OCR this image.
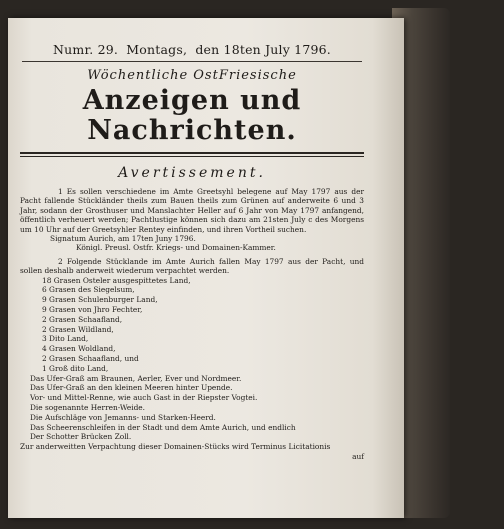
Numr. 29. Montags, den 18ten July 1796.
Wöchentliche OstFriesische
Anzeigen und Nachrichten.
Avertissement.

1 Es sollen verschiedene im Amte Greetsyhl belegene auf May 1797 aus der Pacht fallende Stückländer theils zum Bauen theils zum Grünen auf anderweite 6 und 3 Jahr, sodann der Grosthuser und Manslachter Heller auf 6 Jahr von May 1797 anfangend, öffentlich verheuert werden; Pachtlustige können sich dazu am 21sten July c des Morgens um 10 Uhr auf der Greetsyhler Rentey einfinden, und ihren Vortheil suchen.

Signatum Aurich, am 17ten Juny 1796.
Königl. Preusl. Ostfr. Kriegs- und Domainen-Kammer.

2 Folgende Stücklande im Amte Aurich fallen May 1797 aus der Pacht, und sollen deshalb anderweit wiederum verpachtet werden.

18 Grasen Osteler ausgespittetes Land,
6 Grasen des Siegelsum,
9 Grasen Schulenburger Land,
9 Grasen von Jhro Fechter,
2 Grasen Schaafland,
2 Grasen Wildland,
3 Dito Land,
4 Grasen Woldland,
2 Grasen Schaafland, und
1 Groß dito Land,
Das Ufer-Graß am Braunen, Aerler, Ever und Nordmeer.
Das Ufer-Graß an den kleinen Meeren hinter Upende.
Vor- und Mittel-Renne, wie auch Gast in der Riepster Vogtei.
Die sogenannte Herren-Weide.
Die Aufschläge von Jemanns- und Starken-Heerd.
Das Scheerenschleifen in der Stadt und dem Amte Aurich, und endlich
Der Schotter Brücken Zoll.

Zur anderweitten Verpachtung dieser Domainen-Stücks wird Terminus Licitationis

auf
